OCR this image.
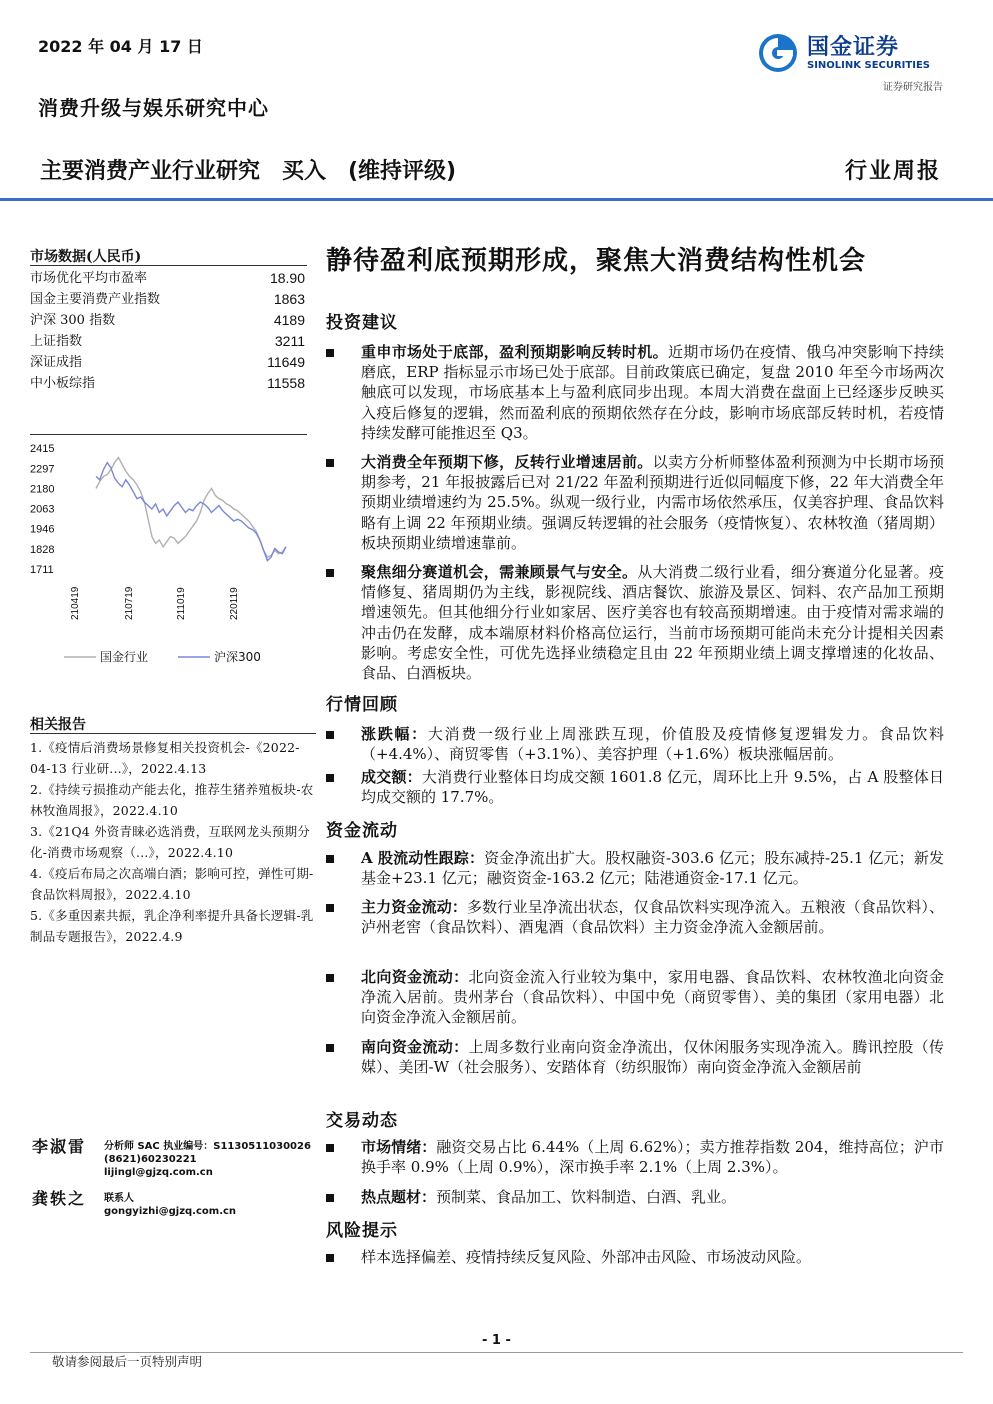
2022 年 04 月 17 日	国金证券
SINOLINK SECURITIES
证券研究报告
消费升级与娱乐研究中心
主要消费产业行业研究　买入　(维持评级)	行业周报
市场数据(人民币)
市场优化平均市盈率	18.90
国金主要消费产业指数	1863
沪深 300 指数	4189
上证指数	3211
深证成指	11649
中小板综指	11558
2415
2297
2180
2063
1946
1828
1711
210419	210719	211019	220119
国金行业	沪深300
相关报告
1.《疫情后消费场景修复相关投资机会-《2022-04-13 行业研...》，2022.4.13
2.《持续亏损推动产能去化，推荐生猪养殖板块-农林牧渔周报》，2022.4.10
3.《21Q4 外资青睐必选消费，互联网龙头预期分化-消费市场观察（...》，2022.4.10
4.《疫后布局之次高端白酒；影响可控，弹性可期-食品饮料周报》，2022.4.10
5.《多重因素共振，乳企净利率提升具备长逻辑-乳制品专题报告》，2022.4.9
李淑雷 分析师 SAC 执业编号：S1130511030026
(8621)60230221
lijingl@gjzq.com.cn
龚轶之 联系人
gongyizhi@gjzq.com.cn
静待盈利底预期形成，聚焦大消费结构性机会
投资建议
重申市场处于底部，盈利预期影响反转时机。近期市场仍在疫情、俄乌冲突影响下持续磨底，ERP 指标显示市场已处于底部。目前政策底已确定，复盘 2010 年至今市场两次触底可以发现，市场底基本上与盈利底同步出现。本周大消费在盘面上已经逐步反映买入疫后修复的逻辑，然而盈利底的预期依然存在分歧，影响市场底部反转时机，若疫情持续发酵可能推迟至 Q3。
大消费全年预期下修，反转行业增速居前。以卖方分析师整体盈利预测为中长期市场预期参考，21 年报披露后已对 21/22 年盈利预期进行近似同幅度下修，22 年大消费全年预期业绩增速约为 25.5%。纵观一级行业，内需市场依然承压，仅美容护理、食品饮料略有上调 22 年预期业绩。强调反转逻辑的社会服务（疫情恢复）、农林牧渔（猪周期）板块预期业绩增速靠前。
聚焦细分赛道机会，需兼顾景气与安全。从大消费二级行业看，细分赛道分化显著。疫情修复、猪周期仍为主线，影视院线、酒店餐饮、旅游及景区、饲料、农产品加工预期增速领先。但其他细分行业如家居、医疗美容也有较高预期增速。由于疫情对需求端的冲击仍在发酵，成本端原材料价格高位运行，当前市场预期可能尚未充分计提相关因素影响。考虑安全性，可优先选择业绩稳定且由 22 年预期业绩上调支撑增速的化妆品、食品、白酒板块。
行情回顾
涨跌幅：大消费一级行业上周涨跌互现，价值股及疫情修复逻辑发力。食品饮料（+4.4%）、商贸零售（+3.1%）、美容护理（+1.6%）板块涨幅居前。
成交额：大消费行业整体日均成交额 1601.8 亿元，周环比上升 9.5%，占 A 股整体日均成交额的 17.7%。
资金流动
A 股流动性跟踪：资金净流出扩大。股权融资-303.6 亿元；股东减持-25.1 亿元；新发基金+23.1 亿元；融资资金-163.2 亿元；陆港通资金-17.1 亿元。
主力资金流动：多数行业呈净流出状态，仅食品饮料实现净流入。五粮液（食品饮料）、泸州老窖（食品饮料）、酒鬼酒（食品饮料）主力资金净流入金额居前。
北向资金流动：北向资金流入行业较为集中，家用电器、食品饮料、农林牧渔北向资金净流入居前。贵州茅台（食品饮料）、中国中免（商贸零售）、美的集团（家用电器）北向资金净流入金额居前。
南向资金流动：上周多数行业南向资金净流出，仅休闲服务实现净流入。腾讯控股（传媒）、美团-W（社会服务）、安踏体育（纺织服饰）南向资金净流入金额居前
交易动态
市场情绪：融资交易占比 6.44%（上周 6.62%）；卖方推荐指数 204，维持高位；沪市换手率 0.9%（上周 0.9%），深市换手率 2.1%（上周 2.3%）。
热点题材：预制菜、食品加工、饮料制造、白酒、乳业。
风险提示
样本选择偏差、疫情持续反复风险、外部冲击风险、市场波动风险。
- 1 -
敬请参阅最后一页特别声明
